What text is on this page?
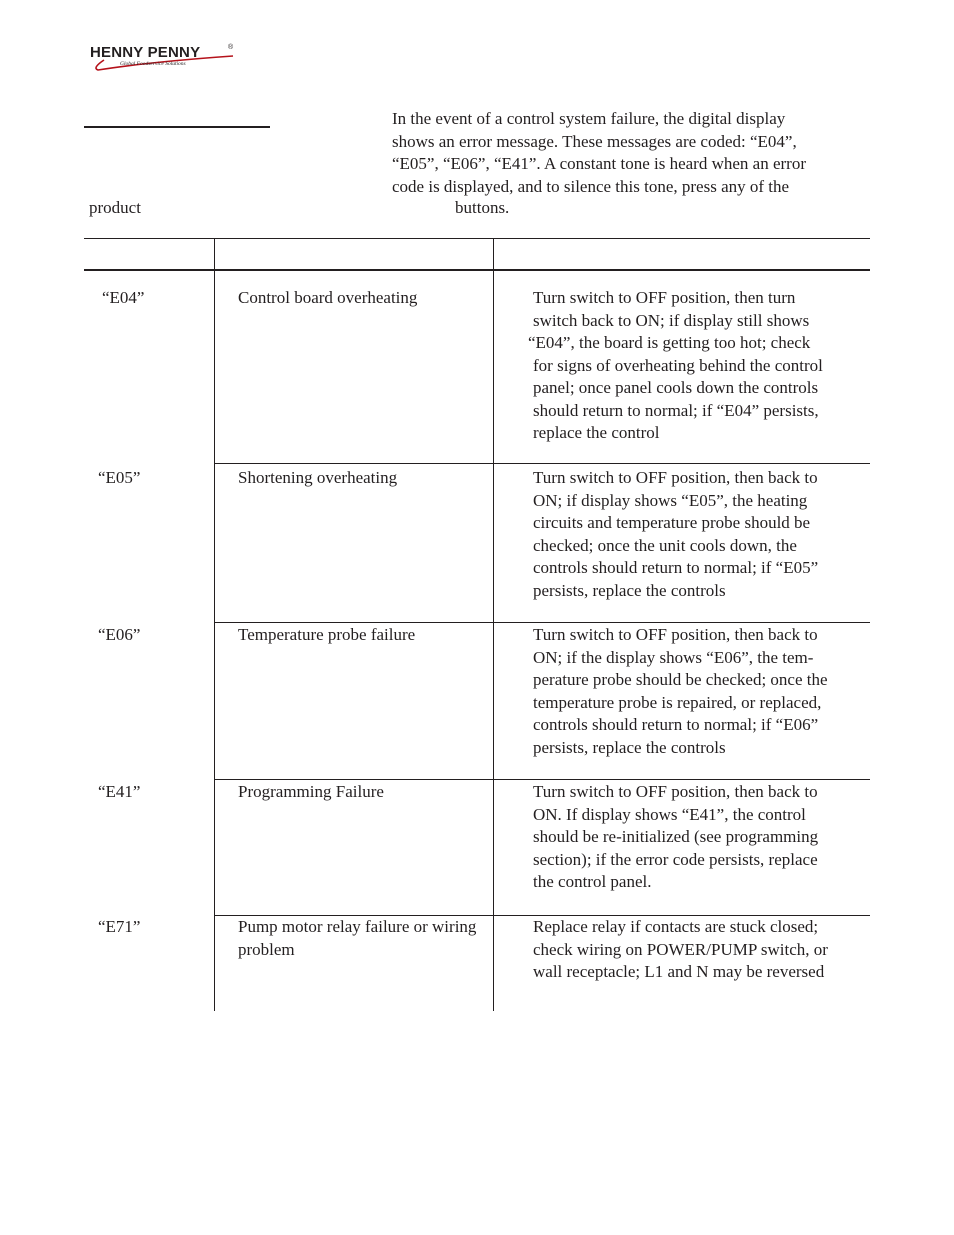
HENNY PENNY	®
Global Foodservice Solutions
In the event of a control system failure, the digital display
shows an error message. These messages are coded: “E04”,
“E05”, “E06”, “E41”. A constant tone is heard when an error
code is displayed, and to silence this tone, press any of the
product	buttons.
“E04”	Control board overheating	Turn switch to OFF position, then turn
switch back to ON; if display still shows
“E04”, the board is getting too hot; check
for signs of overheating behind the control
panel; once panel cools down the controls
should return to normal; if “E04” persists,
replace the control
“E05”	Shortening overheating	Turn switch to OFF position, then back to
ON; if display shows “E05”, the heating
circuits and temperature probe should be
checked; once the unit cools down, the
controls should return to normal; if “E05”
persists, replace the controls
“E06”	Temperature probe failure	Turn switch to OFF position, then back to
ON; if the display shows “E06”, the tem-
perature probe should be checked; once the
temperature probe is repaired, or replaced,
controls should return to normal; if “E06”
persists, replace the controls
“E41”	Programming Failure	Turn switch to OFF position, then back to
ON. If display shows “E41”, the control
should be re-initialized (see programming
section); if the error code persists, replace
the control panel.
“E71”	Pump motor relay failure or wiring problem
Replace relay if contacts are stuck closed;
check wiring on POWER/PUMP switch, or
wall receptacle; L1 and N may be reversed
